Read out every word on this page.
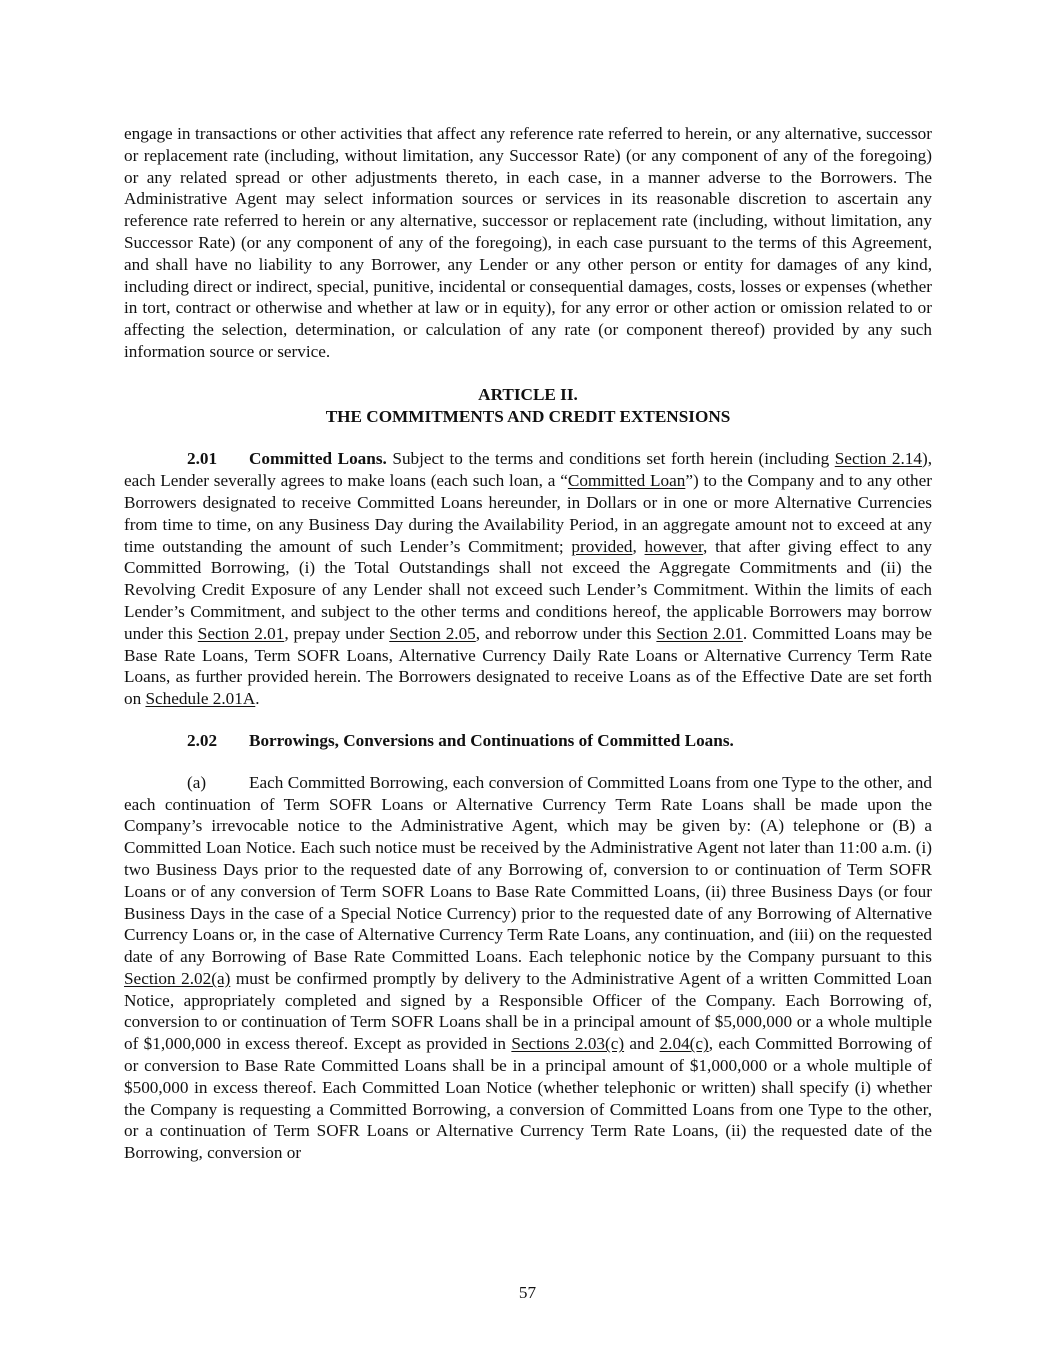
engage in transactions or other activities that affect any reference rate referred to herein, or any alternative, successor or replacement rate (including, without limitation, any Successor Rate) (or any component of any of the foregoing) or any related spread or other adjustments thereto, in each case, in a manner adverse to the Borrowers. The Administrative Agent may select information sources or services in its reasonable discretion to ascertain any reference rate referred to herein or any alternative, successor or replacement rate (including, without limitation, any Successor Rate) (or any component of any of the foregoing), in each case pursuant to the terms of this Agreement, and shall have no liability to any Borrower, any Lender or any other person or entity for damages of any kind, including direct or indirect, special, punitive, incidental or consequential damages, costs, losses or expenses (whether in tort, contract or otherwise and whether at law or in equity), for any error or other action or omission related to or affecting the selection, determination, or calculation of any rate (or component thereof) provided by any such information source or service.

ARTICLE II.
THE COMMITMENTS AND CREDIT EXTENSIONS

2.01 Committed Loans. Subject to the terms and conditions set forth herein (including Section 2.14), each Lender severally agrees to make loans (each such loan, a “Committed Loan”) to the Company and to any other Borrowers designated to receive Committed Loans hereunder, in Dollars or in one or more Alternative Currencies from time to time, on any Business Day during the Availability Period, in an aggregate amount not to exceed at any time outstanding the amount of such Lender’s Commitment; provided, however, that after giving effect to any Committed Borrowing, (i) the Total Outstandings shall not exceed the Aggregate Commitments and (ii) the Revolving Credit Exposure of any Lender shall not exceed such Lender’s Commitment. Within the limits of each Lender’s Commitment, and subject to the other terms and conditions hereof, the applicable Borrowers may borrow under this Section 2.01, prepay under Section 2.05, and reborrow under this Section 2.01. Committed Loans may be Base Rate Loans, Term SOFR Loans, Alternative Currency Daily Rate Loans or Alternative Currency Term Rate Loans, as further provided herein. The Borrowers designated to receive Loans as of the Effective Date are set forth on Schedule 2.01A.

2.02 Borrowings, Conversions and Continuations of Committed Loans.

(a) Each Committed Borrowing, each conversion of Committed Loans from one Type to the other, and each continuation of Term SOFR Loans or Alternative Currency Term Rate Loans shall be made upon the Company’s irrevocable notice to the Administrative Agent, which may be given by: (A) telephone or (B) a Committed Loan Notice. Each such notice must be received by the Administrative Agent not later than 11:00 a.m. (i) two Business Days prior to the requested date of any Borrowing of, conversion to or continuation of Term SOFR Loans or of any conversion of Term SOFR Loans to Base Rate Committed Loans, (ii) three Business Days (or four Business Days in the case of a Special Notice Currency) prior to the requested date of any Borrowing of Alternative Currency Loans or, in the case of Alternative Currency Term Rate Loans, any continuation, and (iii) on the requested date of any Borrowing of Base Rate Committed Loans. Each telephonic notice by the Company pursuant to this Section 2.02(a) must be confirmed promptly by delivery to the Administrative Agent of a written Committed Loan Notice, appropriately completed and signed by a Responsible Officer of the Company. Each Borrowing of, conversion to or continuation of Term SOFR Loans shall be in a principal amount of $5,000,000 or a whole multiple of $1,000,000 in excess thereof. Except as provided in Sections 2.03(c) and 2.04(c), each Committed Borrowing of or conversion to Base Rate Committed Loans shall be in a principal amount of $1,000,000 or a whole multiple of $500,000 in excess thereof. Each Committed Loan Notice (whether telephonic or written) shall specify (i) whether the Company is requesting a Committed Borrowing, a conversion of Committed Loans from one Type to the other, or a continuation of Term SOFR Loans or Alternative Currency Term Rate Loans, (ii) the requested date of the Borrowing, conversion or

57
